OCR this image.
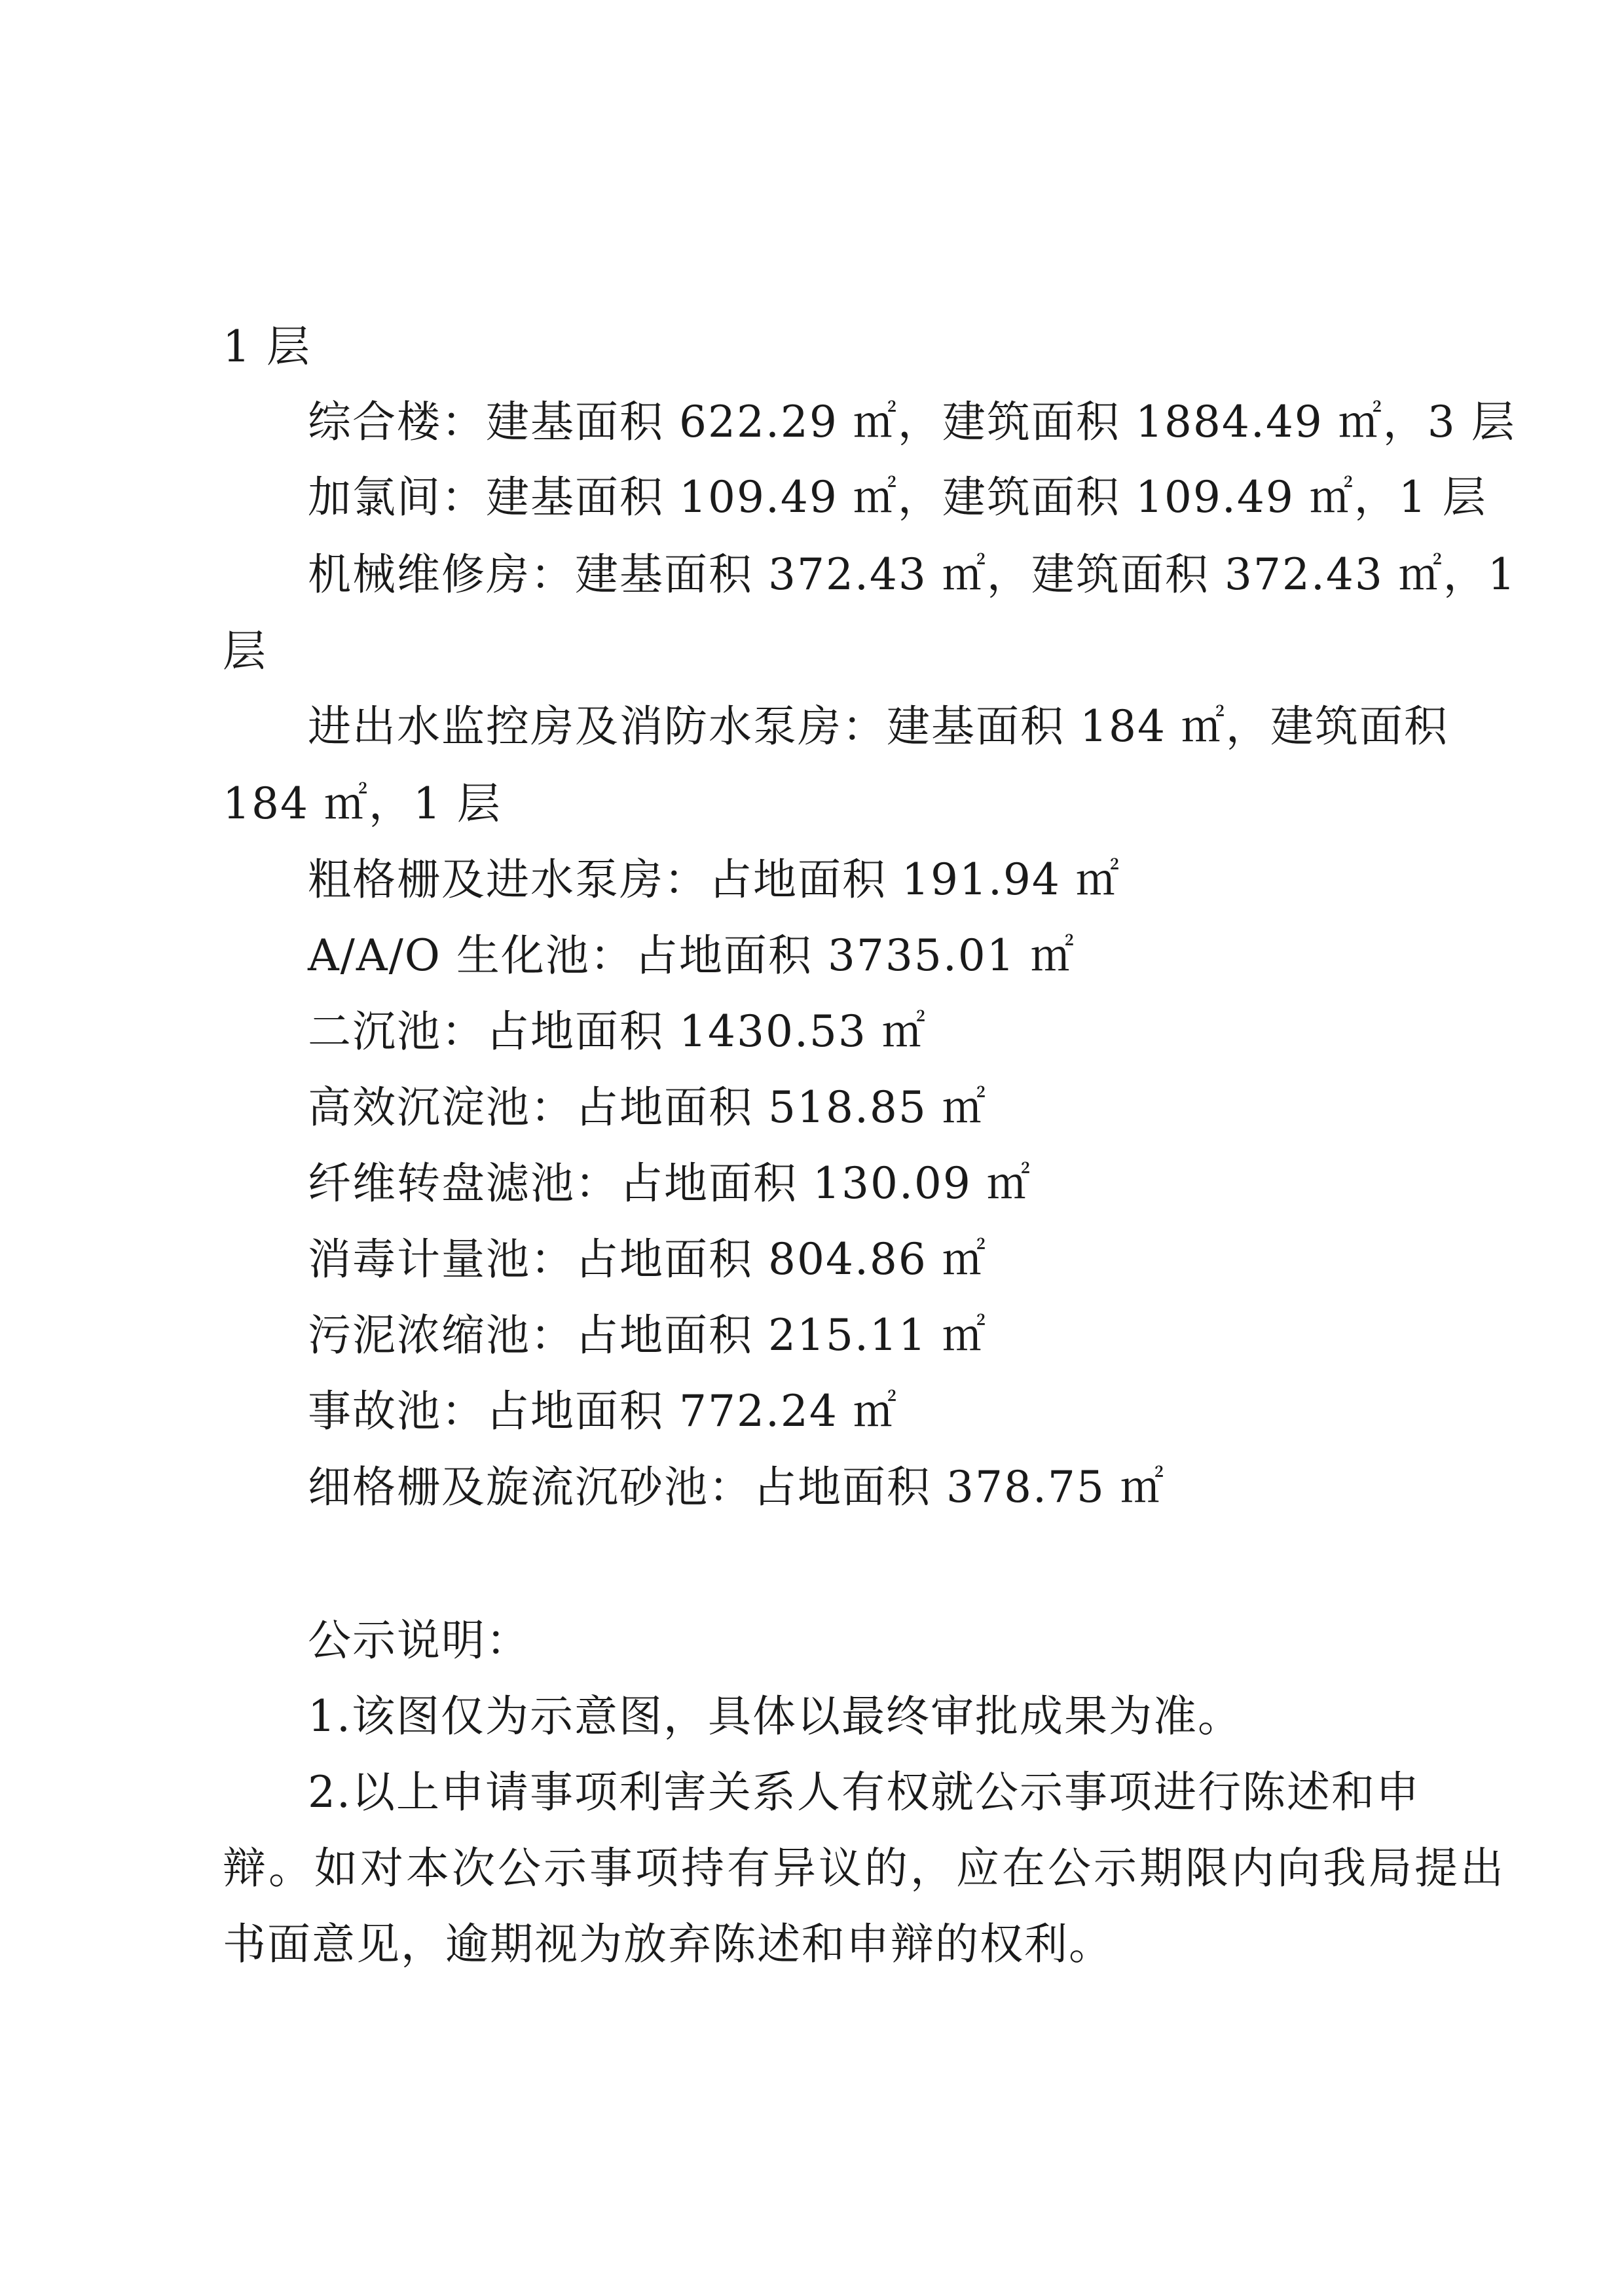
1 层
综合楼：建基面积 622.29 ㎡，建筑面积 1884.49 ㎡，3 层
加氯间：建基面积 109.49 ㎡，建筑面积 109.49 ㎡，1 层
机械维修房：建基面积 372.43 ㎡，建筑面积 372.43 ㎡，1
层
进出水监控房及消防水泵房：建基面积 184 ㎡，建筑面积
184 ㎡，1 层
粗格栅及进水泵房：占地面积 191.94 ㎡
A/A/O 生化池：占地面积 3735.01 ㎡
二沉池：占地面积 1430.53 ㎡
高效沉淀池：占地面积 518.85 ㎡
纤维转盘滤池：占地面积 130.09 ㎡
消毒计量池：占地面积 804.86 ㎡
污泥浓缩池：占地面积 215.11 ㎡
事故池：占地面积 772.24 ㎡
细格栅及旋流沉砂池：占地面积 378.75 ㎡
公示说明：
1.该图仅为示意图，具体以最终审批成果为准。
2.以上申请事项利害关系人有权就公示事项进行陈述和申
辩。如对本次公示事项持有异议的，应在公示期限内向我局提出
书面意见，逾期视为放弃陈述和申辩的权利。
